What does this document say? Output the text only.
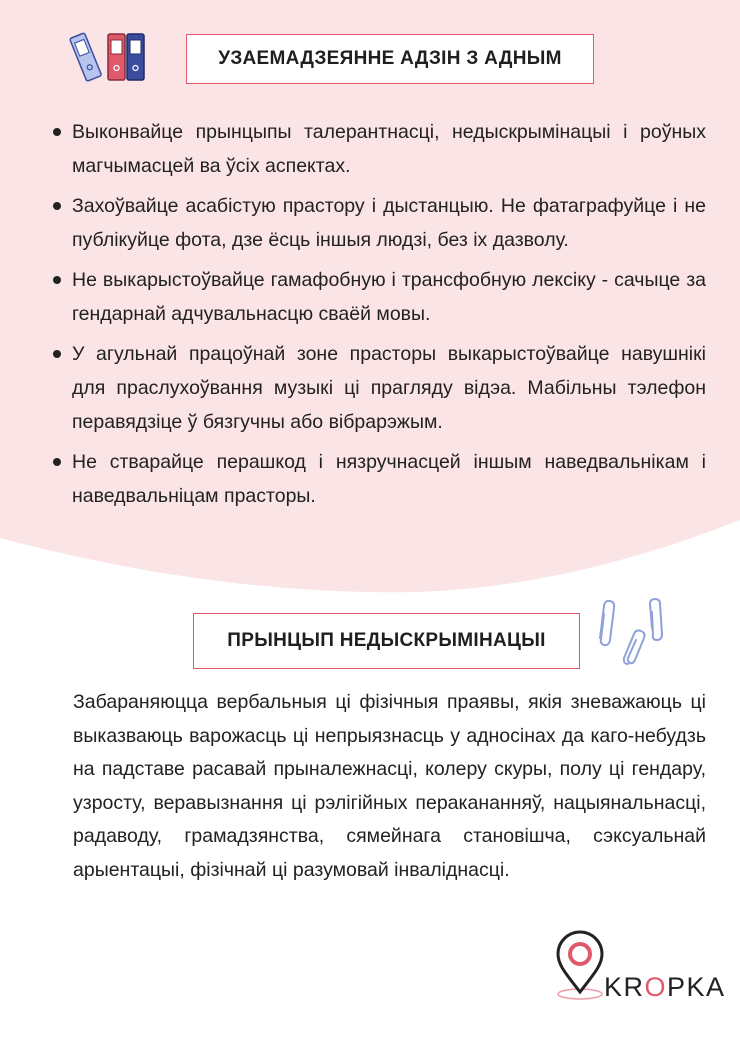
УЗАЕМАДЗЕЯННЕ АДЗІН З АДНЫМ
Выконвайце прынцыпы талерантнасці, недыскрымінацыі і роўных магчымасцей ва ўсіх аспектах.
Захоўвайце асабістую прастору і дыстанцыю. Не фатаграфуйце і не публікуйце фота, дзе ёсць іншыя людзі, без іх дазволу.
Не выкарыстоўвайце гамафобную і трансфобную лексіку - сачыце за гендарнай адчувальнасцю сваёй мовы.
У агульнай працоўнай зоне прасторы выкарыстоўвайце навушнікі для праслухоўвання музыкі ці прагляду відэа. Мабільны тэлефон перавядзіце ў бязгучны або вібрарэжым.
Не стварайце перашкод і нязручнасцей іншым наведвальнікам і наведвальніцам прасторы.
ПРЫНЦЫП НЕДЫСКРЫМІНАЦЫІ

Забараняюцца вербальныя ці фізічныя праявы, якія зневажаюць ці выказваюць варожасць ці непрыязнасць у адносінах да каго-небудзь на падставе расавай прыналежнасці, колеру скуры, полу ці гендару, узросту, веравызнання ці рэлігійных перакананняў, нацыянальнасці, радаводу, грамадзянства, сямейнага становішча, сэксуальнай арыентацыі, фізічнай ці разумовай інваліднасці.

KROPKA
